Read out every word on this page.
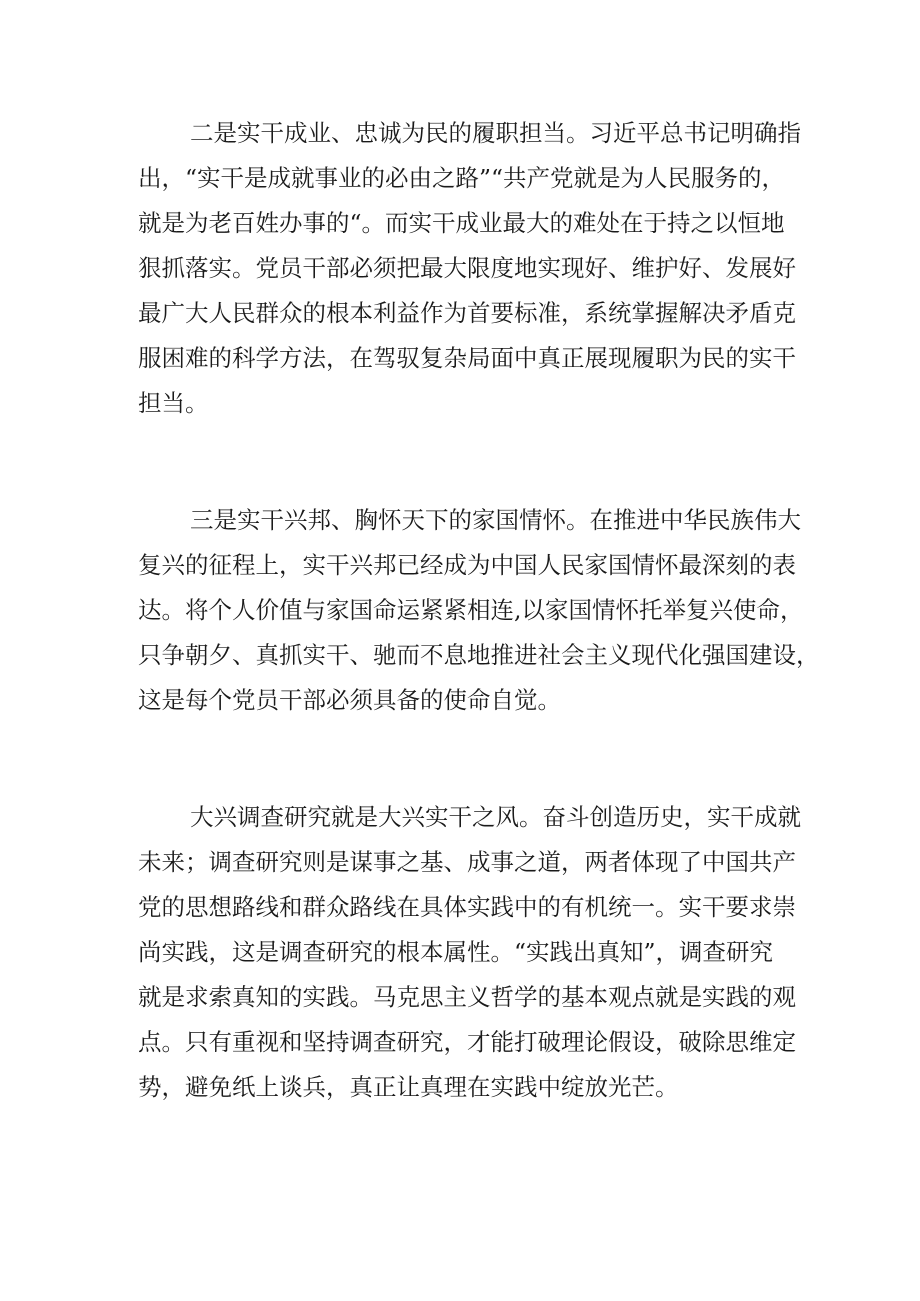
二是实干成业、忠诚为民的履职担当。习近平总书记明确指
出，“实干是成就事业的必由之路”“共产党就是为人民服务的，
就是为老百姓办事的“。而实干成业最大的难处在于持之以恒地
狠抓落实。党员干部必须把最大限度地实现好、维护好、发展好
最广大人民群众的根本利益作为首要标准，系统掌握解决矛盾克
服困难的科学方法，在驾驭复杂局面中真正展现履职为民的实干
担当。
三是实干兴邦、胸怀天下的家国情怀。在推进中华民族伟大
复兴的征程上，实干兴邦已经成为中国人民家国情怀最深刻的表
达。将个人价值与家国命运紧紧相连,以家国情怀托举复兴使命，
只争朝夕、真抓实干、驰而不息地推进社会主义现代化强国建设，
这是每个党员干部必须具备的使命自觉。
大兴调查研究就是大兴实干之风。奋斗创造历史，实干成就
未来；调查研究则是谋事之基、成事之道，两者体现了中国共产
党的思想路线和群众路线在具体实践中的有机统一。实干要求崇
尚实践，这是调查研究的根本属性。“实践出真知”，调查研究
就是求索真知的实践。马克思主义哲学的基本观点就是实践的观
点。只有重视和坚持调查研究，才能打破理论假设，破除思维定
势，避免纸上谈兵，真正让真理在实践中绽放光芒。
